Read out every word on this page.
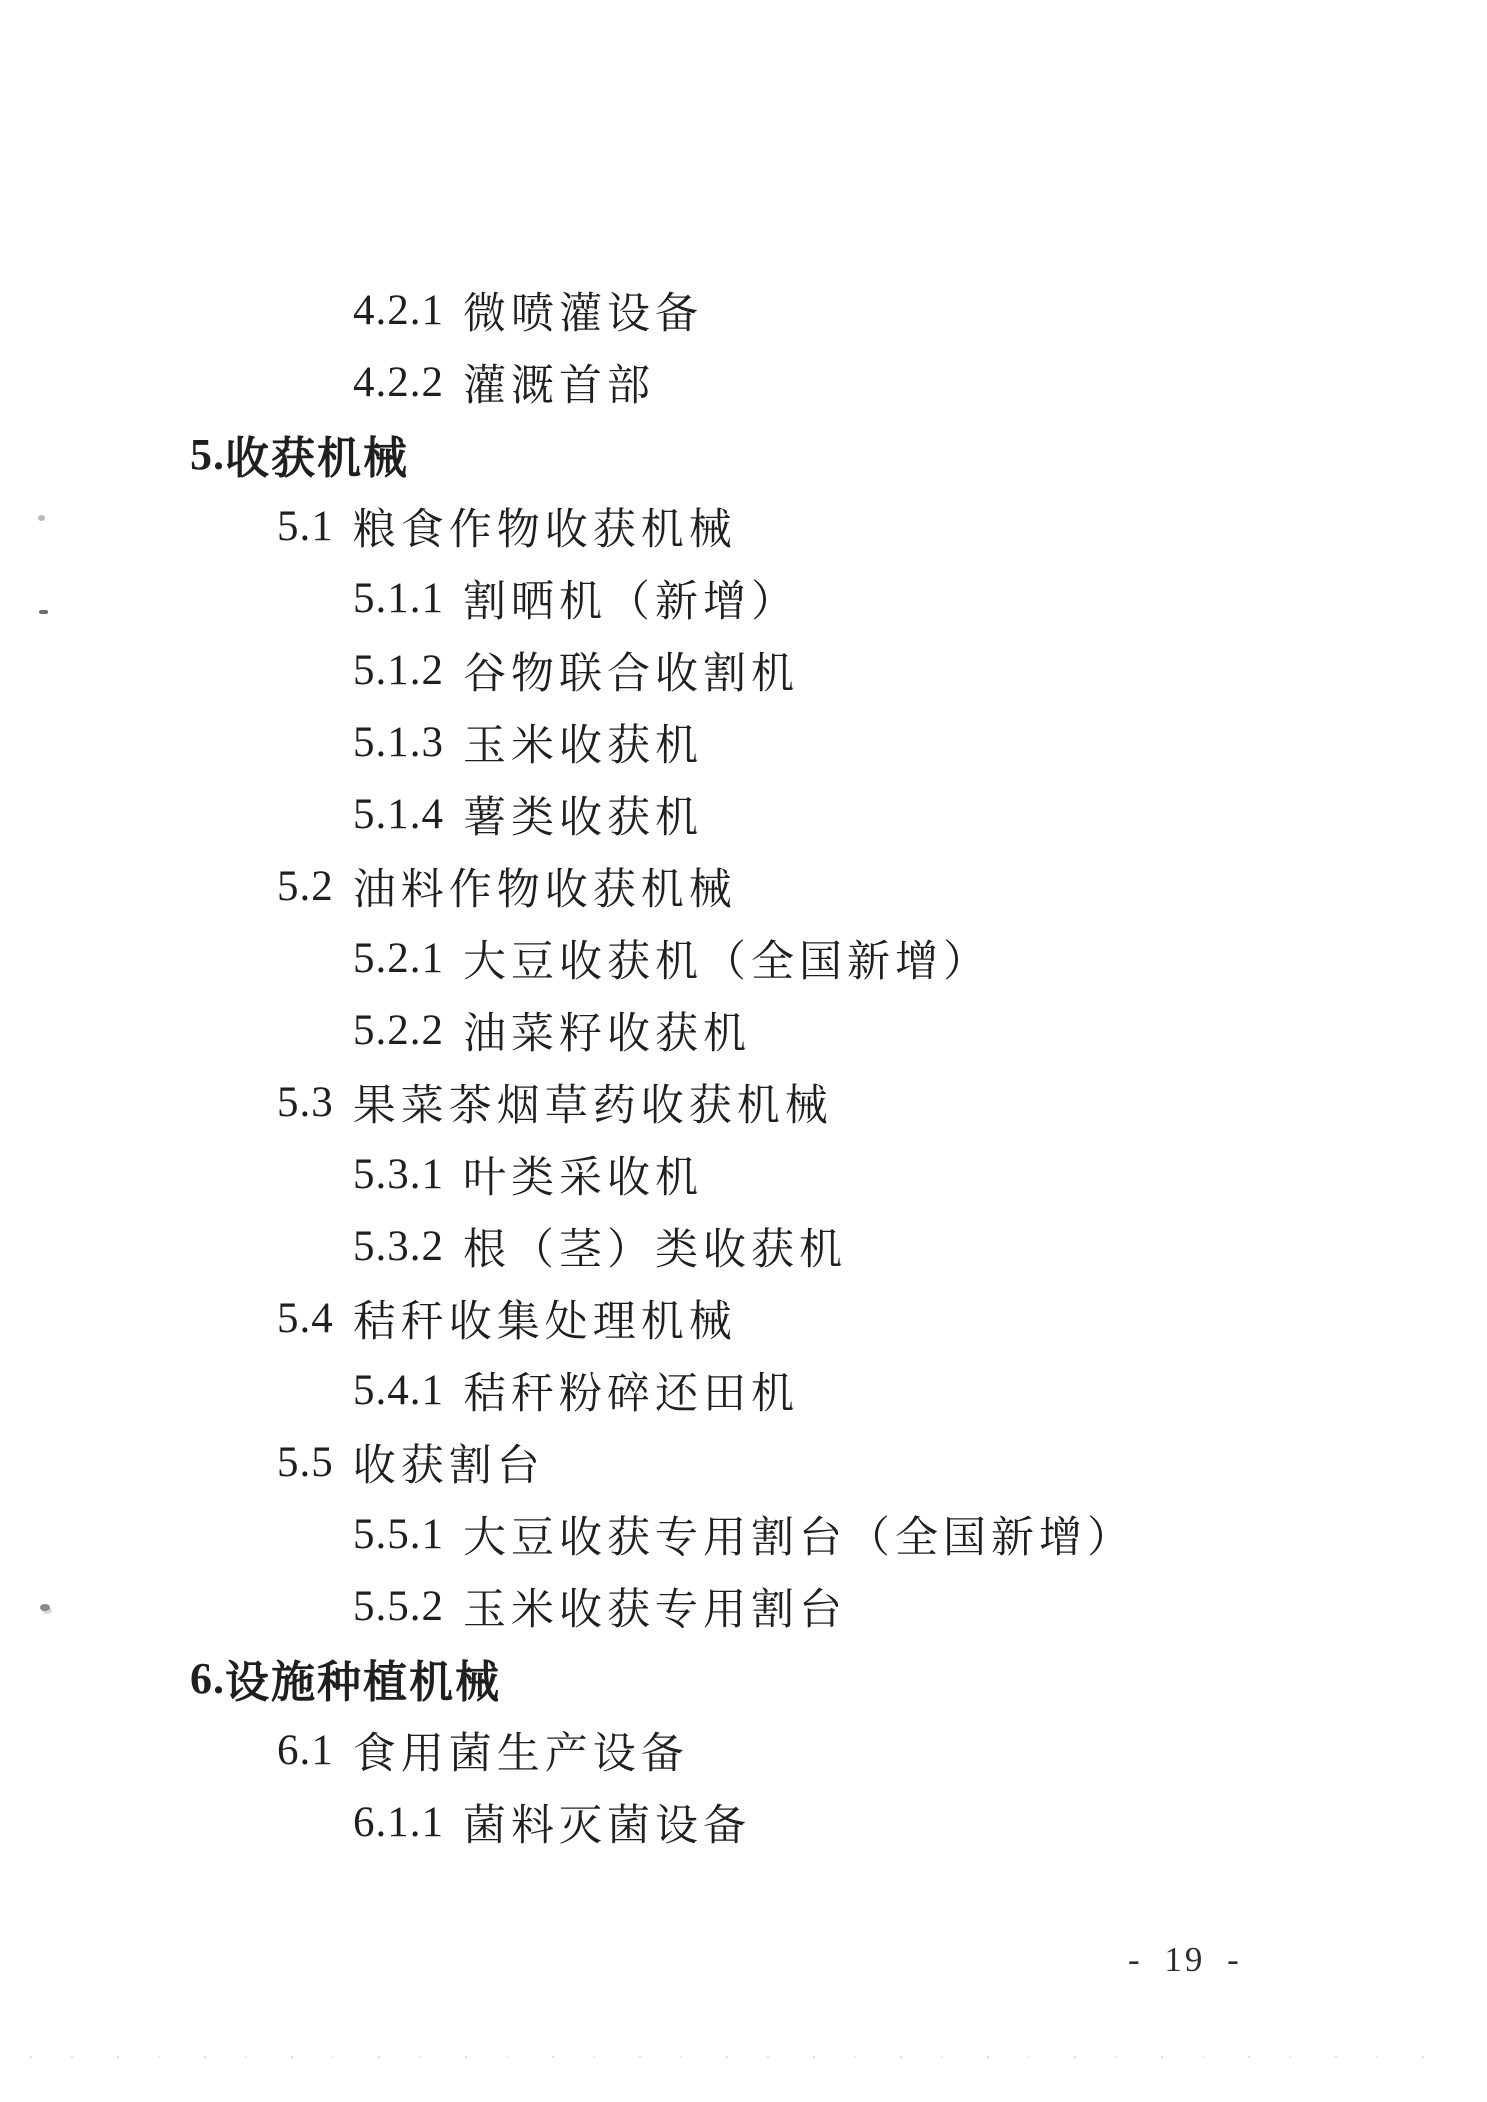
4.2.1 微喷灌设备
4.2.2 灌溉首部
5. 收获机械
5.1 粮食作物收获机械
5.1.1 割晒机（新增）
5.1.2 谷物联合收割机
5.1.3 玉米收获机
5.1.4 薯类收获机
5.2 油料作物收获机械
5.2.1 大豆收获机（全国新增）
5.2.2 油菜籽收获机
5.3 果菜茶烟草药收获机械
5.3.1 叶类采收机
5.3.2 根（茎）类收获机
5.4 秸秆收集处理机械
5.4.1 秸秆粉碎还田机
5.5 收获割台
5.5.1 大豆收获专用割台（全国新增）
5.5.2 玉米收获专用割台
6. 设施种植机械
6.1 食用菌生产设备
6.1.1 菌料灭菌设备
- 19 -
